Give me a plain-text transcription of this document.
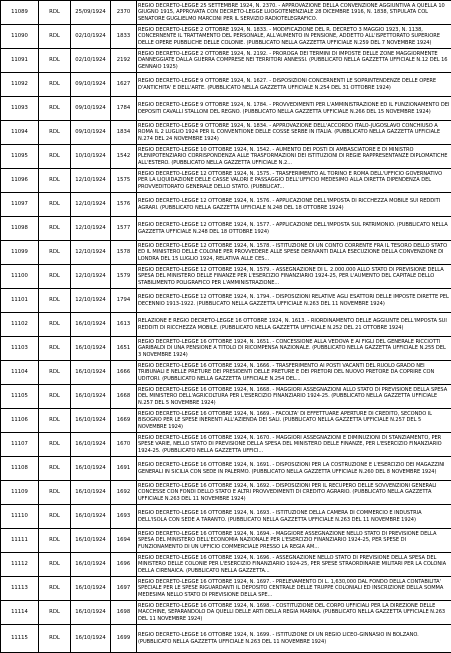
11089	RDL	25/09/1924	2370	REGIO DECRETO-LEGGE 25 SETTEMBRE 1924, N. 2370. - APPROVAZIONE DELLA CONVENZIONE AGGIUNTIVA A QUELLA 10 GIUGNO 1915, APPROVATA CON DECRETO-LEGGE LUOGOTENENZIALE 28 DICEMBRE 1916, N. 1838, STIPULATA COL SENATORE GUGLIELMO MARCONI PER IL SERVIZIO RADIOTELEGRAFICO.
11090	RDL	02/10/1924	1833	REGIO DECRETO-LEGGE 2 OTTOBRE 1924, N. 1833. - MODIFICAZIONE DEL R. DECRETO 3 MAGGIO 1923, N. 1138, CONCERNENTE IL TRATTAMENTO DEL PERSONALE, ALL'AUMENTO IN PENSIONE, ADDETTO ALL'ISPETTORATO SUPERIORE DELLE OPERE PUBBLICHE DELLE COLONIE. (PUBBLICATO NELLA GAZZETTA UFFICIALE N.259 DEL 7 NOVEMBRE 1924)
11091	RDL	02/10/1924	2192	REGIO DECRETO-LEGGE 2 OTTOBRE 1924, N. 2192. - PROROGA DEI TERMINI DI IMPOSTE DELLE ZONE MAGGIORMENTE DANNEGGIATE DALLA GUERRA COMPRESE NEI TERRITORI ANNESSI. (PUBBLICATO NELLA GAZZETTA UFFICIALE N.12 DEL 16 GENNAIO 1925)
11092	RDL	09/10/1924	1627	REGIO DECRETO-LEGGE 9 OTTOBRE 1924, N. 1627. - DISPOSIZIONI CONCERNENTI LE SOPRINTENDENZE DELLE OPERE D'ANTICHITA' E DELL'ARTE. (PUBBLICATO NELLA GAZZETTA UFFICIALE N.254 DEL 31 OTTOBRE 1924)
11093	RDL	09/10/1924	1784	REGIO DECRETO-LEGGE 9 OTTOBRE 1924, N. 1784. - PROVVEDIMENTI PER L'AMMINISTRAZIONE ED IL FUNZIONAMENTO DEI DEPOSITI CAVALLI STALLONI DEL REGNO. (PUBBLICATO NELLA GAZZETTA UFFICIALE N.266 DEL 15 NOVEMBRE 1924)
11094	RDL	09/10/1924	1834	REGIO DECRETO-LEGGE 9 OTTOBRE 1924, N. 1834. - APPROVAZIONE DELL'ACCORDO ITALO-JUGOSLAVO CONCHIUSO A ROMA IL 2 LUGLIO 1924 PER IL CONVENTIONE DELLE COSSE SERBE IN ITALIA. (PUBBLICATO NELLA GAZZETTA UFFICIALE N.274 DEL 24 NOVEMBRE 1924)
11095	RDL	10/10/1924	1542	REGIO DECRETO-LEGGE 10 OTTOBRE 1924, N. 1542. - AUMENTO DEI POSTI DI AMBASCIATORE E DI MINISTRO PLENIPOTENZIARIO CORRISPONDENZA ALLE TRASFORMAZIONI DEI ISTITUZIONI DI REGIE RAPPRESENTANZE DIPLOMATICHE ALL'ESTERO. (PUBBLICATO NELLA GAZZETTA UFFICIALE N.2...
11096	RDL	12/10/1924	1575	REGIO DECRETO-LEGGE 12 OTTOBRE 1924, N. 1575. - TRASFERIMENTO AL TORINO E ROMA DELL'UFFICIO GOVERNATIVO PER LA LIQUIDAZIONE DELLE CASSE VALORI E PASSAGGIO DELL'UFFICIO MEDESIMO ALLA DIRETTA DIPENDENZA DEL PROVVEDITORATO GENERALE DELLO STATO. (PUBBLICAT...
11097	RDL	12/10/1924	1576	REGIO DECRETO-LEGGE 12 OTTOBRE 1924, N. 1576. - APPLICAZIONE DELL'IMPOSTA DI RICCHEZZA MOBILE SUI REDDITI AGRARI. (PUBBLICATO NELLA GAZZETTA UFFICIALE N.248 DEL 18 OTTOBRE 1924)
11098	RDL	12/10/1924	1577	REGIO DECRETO-LEGGE 12 OTTOBRE 1924, N. 1577. - APPLICAZIONE DELL'IMPOSTA SUL PATRIMONIO. (PUBBLICATO NELLA GAZZETTA UFFICIALE N.248 DEL 18 OTTOBRE 1924)
11099	RDL	12/10/1924	1578	REGIO DECRETO-LEGGE 12 OTTOBRE 1924, N. 1578. - ISTITUZIONE DI UN CONTO CORRENTE FRA IL TESORO DELLO STATO ED IL MINISTERO DELLE COLONIE PER PROVVEDERE ALLE SPESE DERIVANTI DALLA ESECUZIONE DELLA CONVENZIONE DI LONDRA DEL 15 LUGLIO 1924, RELATIVA ALLE CES...
11100	RDL	12/10/1924	1579	REGIO DECRETO-LEGGE 12 OTTOBRE 1924, N. 1579. - ASSEGNAZIONE DI L. 2.000.000 ALLO STATO DI PREVISIONE DELLA SPESA DEL MINISTERO DELLE FINANZE PER L'ESERCIZIO FINANZIARIO 1924-25, PER L'AUMENTO DEL CAPITALE DELLO STABILIMENTO POLIGRAFICO PER L'AMMINISTRAZIONE...
11101	RDL	12/10/1924	1794	REGIO DECRETO-LEGGE 12 OTTOBRE 1924, N. 1794. - DISPOSIZIONI RELATIVE AGLI ESATTORI DELLE IMPOSTE DIRETTE PEL DECENNIO 1913-1922. (PUBBLICATO NELLA GAZZETTA UFFICIALE N.263 DEL 11 NOVEMBRE 1924)
11102	RDL	16/10/1924	1613	RELAZIONE E REGIO DECRETO-LEGGE 16 OTTOBRE 1924, N. 1613. - RIORDINAMENTO DELLE AGGIUNTE DELL'IMPOSTA SUI REDDITI DI RICCHEZZA MOBILE. (PUBBLICATO NELLA GAZZETTA UFFICIALE N.252 DEL 21 OTTOBRE 1924)
11103	RDL	16/10/1924	1651	REGIO DECRETO-LEGGE 16 OTTOBRE 1924, N. 1651. - CONCESSIONE ALLA VEDOVA E AI FIGLI DEL GENERALE RICCIOTTI GARIBALDI DI UNA PENSIONE A TITOLO DI RICOMPENSA NAZIONALE. (PUBBLICATO NELLA GAZZETTA UFFICIALE N.255 DEL 3 NOVEMBRE 1924)
11104	RDL	16/10/1924	1666	REGIO DECRETO-LEGGE 16 OTTOBRE 1924, N. 1666. - TRASFERIMENTO AI POSTI VACANTI DEL RUOLO GRADO NEI TRIBUNALI E NELLE PRETURE DEI PRESIDENTI DELLE PRETURE E DEI PRETORI DEL NUOVO PRETORE DA COPRIRE CON UDITORI. (PUBBLICATO NELLA GAZZETTA UFFICIALE N.254 DEL...
11105	RDL	16/10/1924	1668	REGIO DECRETO-LEGGE 16 OTTOBRE 1924, N. 1668. - MAGGIORI ASSEGNAZIONI ALLO STATO DI PREVISIONE DELLA SPESA DEL MINISTERO DELL'AGRICOLTURA PER L'ESERCIZIO FINANZIARIO 1924-25. (PUBBLICATO NELLA GAZZETTA UFFICIALE N.257 DEL 5 NOVEMBRE 1924)
11106	RDL	16/10/1924	1669	REGIO DECRETO-LEGGE 16 OTTOBRE 1924, N. 1669. - FACOLTA' DI EFFETTUARE APERTURE DI CREDITO, SECONDO IL BISOGNO PER LE SPESE INERENTI ALL'AZIENDA DEI SALI. (PUBBLICATO NELLA GAZZETTA UFFICIALE N.257 DEL 5 NOVEMBRE 1924)
11107	RDL	16/10/1924	1670	REGIO DECRETO-LEGGE 16 OTTOBRE 1924, N. 1670. - MAGGIORI ASSEGNAZIONI E DIMINUZIONI DI STANZIAMENTO, PER SPESE VARIE, NELLO STATO DI PREVISIONE DELLA SPESA DEL MINISTERO DELLE FINANZE, PER L'ESERCIZIO FINANZIARIO 1924-25. (PUBBLICATO NELLA GAZZETTA UFFICI...
11108	RDL	16/10/1924	1691	REGIO DECRETO-LEGGE 16 OTTOBRE 1924, N. 1691. - DISPOSIZIONI PER LA COSTRUZIONE E L'ESERCIZIO DEI MAGAZZINI GENERALI IN SICILIA CON SEDE IN PALERMO. (PUBBLICATO NELLA GAZZETTA UFFICIALE N.260 DEL 8 NOVEMBRE 1924)
11109	RDL	16/10/1924	1692	REGIO DECRETO-LEGGE 16 OTTOBRE 1924, N. 1692. - DISPOSIZIONI PER IL RECUPERO DELLE SOVVENZIONI GENERALI CONCESSE CON FONDI DELLO STATO E ALTRI PROVVEDIMENTI DI CREDITO AGRARIO. (PUBBLICATO NELLA GAZZETTA UFFICIALE N.263 DEL 11 NOVEMBRE 1924)
11110	RDL	16/10/1924	1693	REGIO DECRETO-LEGGE 16 OTTOBRE 1924, N. 1693. - ISTITUZIONE DELLA CAMERA DI COMMERCIO E INDUSTRIA DELL'ISOLA CON SEDE A TARANTO. (PUBBLICATO NELLA GAZZETTA UFFICIALE N.263 DEL 11 NOVEMBRE 1924)
11111	RDL	16/10/1924	1694	REGIO DECRETO-LEGGE 16 OTTOBRE 1924, N. 1694. - MAGGIORE ASSEGNAZIONE NELLO STATO DI PREVISIONE DELLA SPESA DEL MINISTERO DELL'ECONOMIA NAZIONALE PER L'ESERCIZIO FINANZIARIO 1924-25, PER SPESE DI FUNZIONAMENTO DI UN UFFICIO COMMERCIALE PRESSO LA REGIA AM...
11112	RDL	16/10/1924	1696	REGIO DECRETO-LEGGE 16 OTTOBRE 1924, N. 1696. - ASSEGNAZIONE NELLO STATO DI PREVISIONE DELLA SPESA DEL MINISTERO DELLE COLONIE PER L'ESERCIZIO FINANZIARIO 1924-25, PER SPESE STRAORDINARIE MILITARI PER LA COLONIA DELLA CIRENAICA. (PUBBLICATO NELLA GAZZETTA...
11113	RDL	16/10/1924	1697	REGIO DECRETO-LEGGE 16 OTTOBRE 1924, N. 1697. - PRELEVAMENTO DI L. 1,630,000 DAL FONDO DELLA CONTABILITA' SPECIALE PER LE SPESE RIGUARDANTI IL DEPOSITO CENTRALE DELLE TRUPPE COLONIALI ED INSCRIZIONE DELLA SOMMA MEDESIMA NELLO STATO DI PREVISIONE DELLA SPE...
11114	RDL	16/10/1924	1698	REGIO DECRETO-LEGGE 16 OTTOBRE 1924, N. 1698. - COSTITUZIONE DEL CORPO UFFICIALI PER LA DIREZIONE DELLE MACCHINE, SEPARANDOLO DA QUELLI DELLE ARTI DELLA REGIA MARINA. (PUBBLICATO NELLA GAZZETTA UFFICIALE N.263 DEL 11 NOVEMBRE 1924)
11115	RDL	16/10/1924	1699	REGIO DECRETO-LEGGE 16 OTTOBRE 1924, N. 1699. - ISTITUZIONE DI UN REGIO LICEO-GINNASIO IN BOLZANO. (PUBBLICATO NELLA GAZZETTA UFFICIALE N.263 DEL 11 NOVEMBRE 1924)
